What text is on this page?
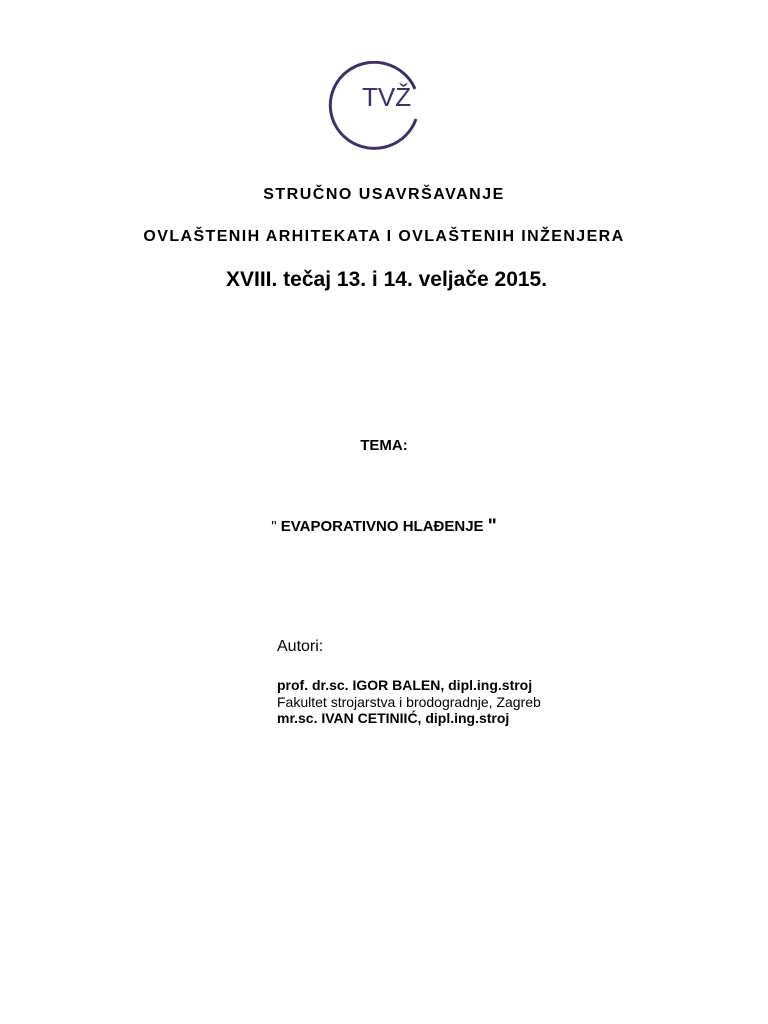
TVŽ
STRUČNO USAVRŠAVANJE
OVLAŠTENIH ARHITEKATA I OVLAŠTENIH INŽENJERA
XVIII. tečaj 13. i 14. veljače 2015.
TEMA:
" EVAPORATIVNO HLAĐENJE "
Autori:
prof. dr.sc. IGOR BALEN, dipl.ing.stroj
Fakultet strojarstva i brodogradnje, Zagreb
mr.sc. IVAN CETINIIĆ, dipl.ing.stroj
